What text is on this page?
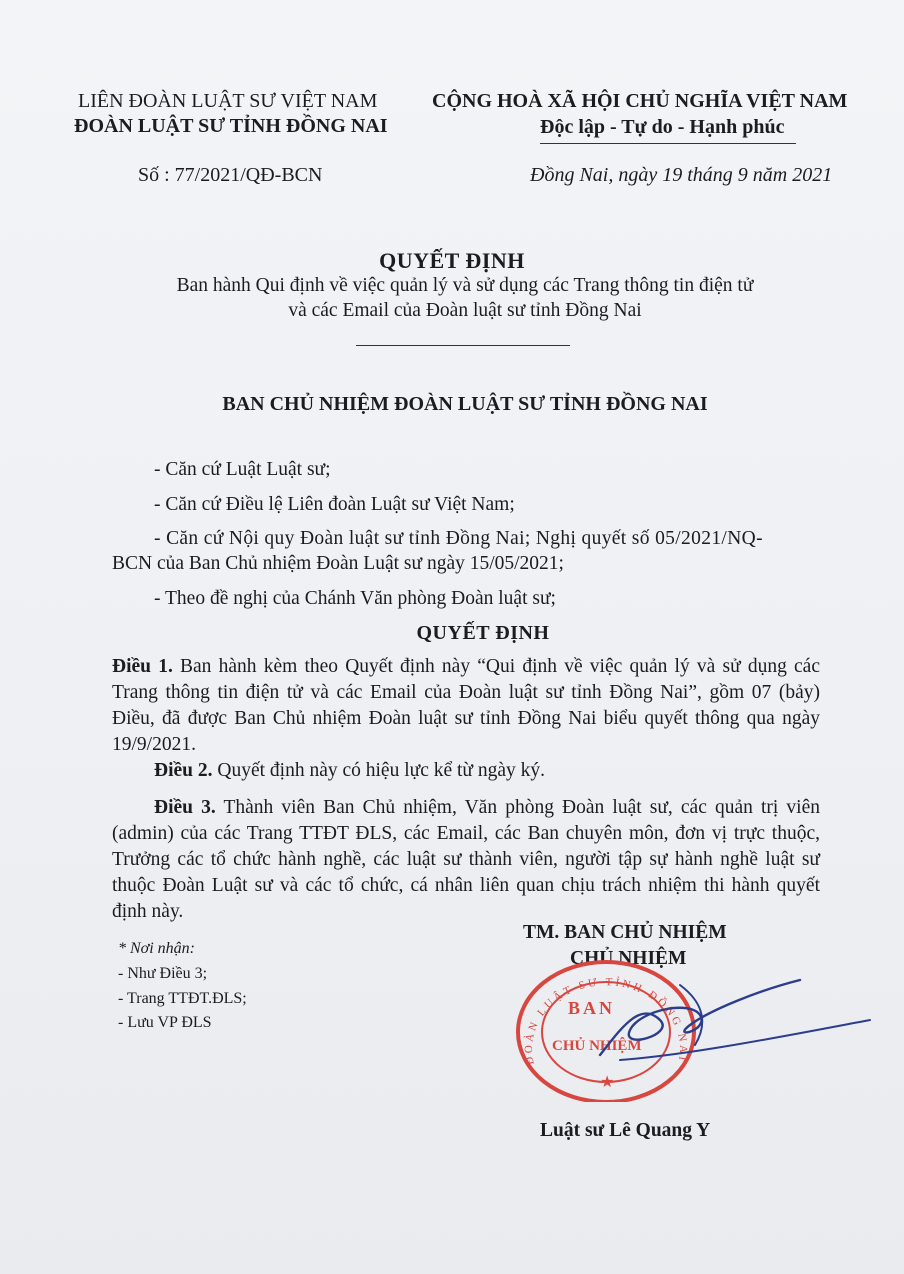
LIÊN ĐOÀN LUẬT SƯ VIỆT NAM

ĐOÀN LUẬT SƯ TỈNH ĐỒNG NAI

CỘNG HOÀ XÃ HỘI CHỦ NGHĨA VIỆT NAM

Độc lập - Tự do - Hạnh phúc

Số : 77/2021/QĐ-BCN	Đồng Nai, ngày 19 tháng 9 năm 2021

QUYẾT ĐỊNH

Ban hành Qui định về việc quản lý và sử dụng các Trang thông tin điện tử

và các Email của Đoàn luật sư tỉnh Đồng Nai

BAN CHỦ NHIỆM ĐOÀN LUẬT SƯ TỈNH ĐỒNG NAI

- Căn cứ Luật Luật sư;

- Căn cứ Điều lệ Liên đoàn Luật sư Việt Nam;

- Căn cứ Nội quy Đoàn luật sư tỉnh Đồng Nai; Nghị quyết số 05/2021/NQ-

BCN của Ban Chủ nhiệm Đoàn Luật sư ngày 15/05/2021;

- Theo đề nghị của Chánh Văn phòng Đoàn luật sư;

QUYẾT ĐỊNH

Điều 1. Ban hành kèm theo Quyết định này “Qui định về việc quản lý và sử dụng các Trang thông tin điện tử và các Email của Đoàn luật sư tỉnh Đồng Nai”, gồm 07 (bảy) Điều, đã được Ban Chủ nhiệm Đoàn luật sư tỉnh Đồng Nai biểu quyết thông qua ngày 19/9/2021.
Điều 2. Quyết định này có hiệu lực kể từ ngày ký.
Điều 3. Thành viên Ban Chủ nhiệm, Văn phòng Đoàn luật sư, các quản trị viên (admin) của các Trang TTĐT ĐLS, các Email, các Ban chuyên môn, đơn vị trực thuộc, Trưởng các tổ chức hành nghề, các luật sư thành viên, người tập sự hành nghề luật sư thuộc Đoàn Luật sư và các tổ chức, cá nhân liên quan chịu trách nhiệm thi hành quyết định này.

* Nơi nhận:

- Như Điều 3;

- Trang TTĐT.ĐLS;

- Lưu VP ĐLS

TM. BAN CHỦ NHIỆM

CHỦ NHIỆM

ĐOÀN LUẬT SƯ TỈNH ĐỒNG NAI
BAN
CHỦ NHIỆM
★

Luật sư Lê Quang Y
